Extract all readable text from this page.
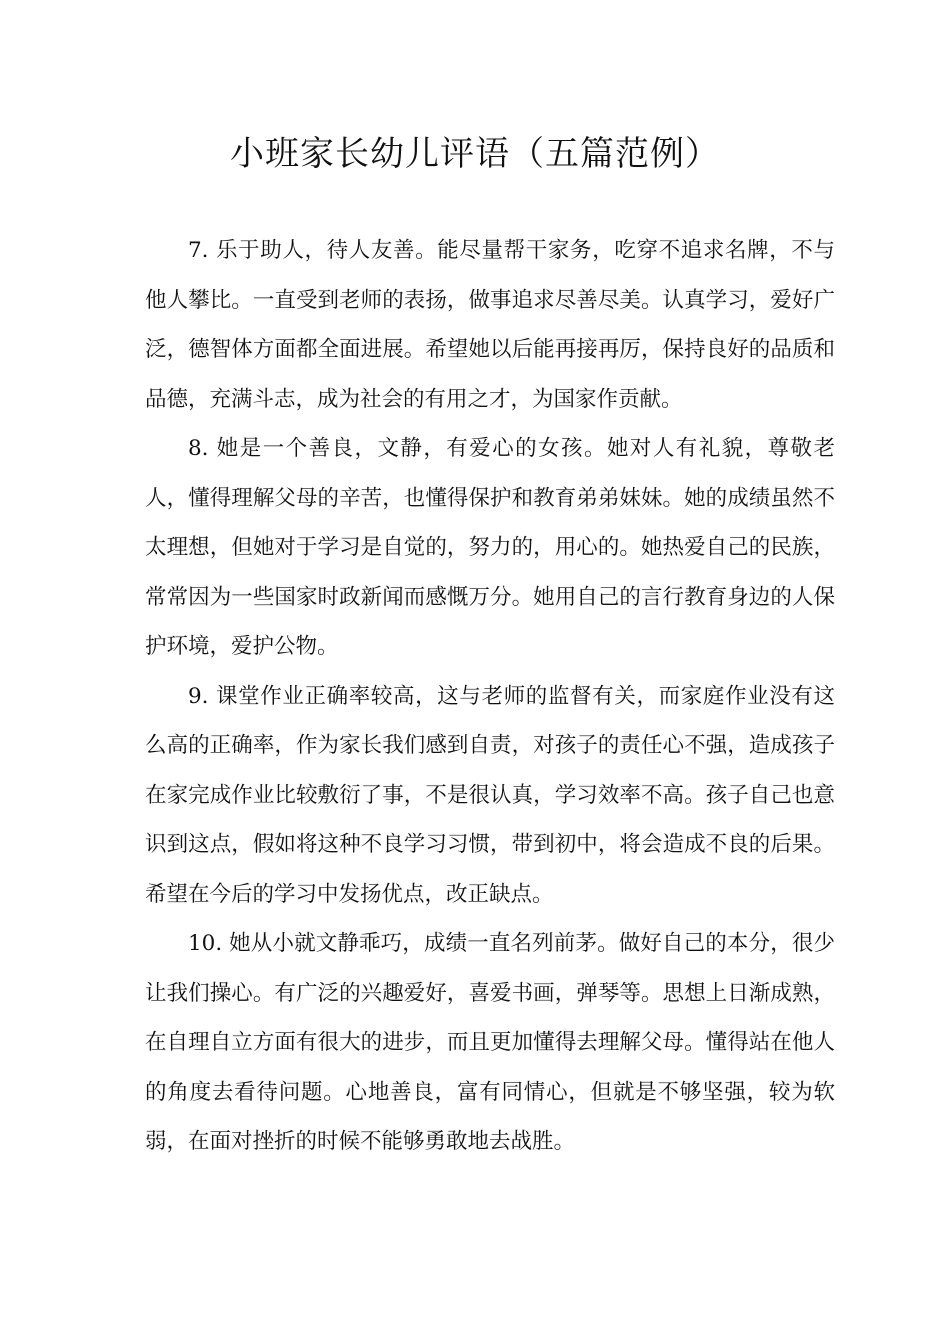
小班家长幼儿评语（五篇范例）

7. 乐于助人，待人友善。能尽量帮干家务，吃穿不追求名牌，不与他人攀比。一直受到老师的表扬，做事追求尽善尽美。认真学习，爱好广泛，德智体方面都全面进展。希望她以后能再接再厉，保持良好的品质和品德，充满斗志，成为社会的有用之才，为国家作贡献。

8. 她是一个善良，文静，有爱心的女孩。她对人有礼貌，尊敬老人，懂得理解父母的辛苦，也懂得保护和教育弟弟妹妹。她的成绩虽然不太理想，但她对于学习是自觉的，努力的，用心的。她热爱自己的民族，常常因为一些国家时政新闻而感慨万分。她用自己的言行教育身边的人保护环境，爱护公物。

9. 课堂作业正确率较高，这与老师的监督有关，而家庭作业没有这么高的正确率，作为家长我们感到自责，对孩子的责任心不强，造成孩子在家完成作业比较敷衍了事，不是很认真，学习效率不高。孩子自己也意识到这点，假如将这种不良学习习惯，带到初中，将会造成不良的后果。希望在今后的学习中发扬优点，改正缺点。

10. 她从小就文静乖巧，成绩一直名列前茅。做好自己的本分，很少让我们操心。有广泛的兴趣爱好，喜爱书画，弹琴等。思想上日渐成熟，在自理自立方面有很大的进步，而且更加懂得去理解父母。懂得站在他人的角度去看待问题。心地善良，富有同情心，但就是不够坚强，较为软弱，在面对挫折的时候不能够勇敢地去战胜。
